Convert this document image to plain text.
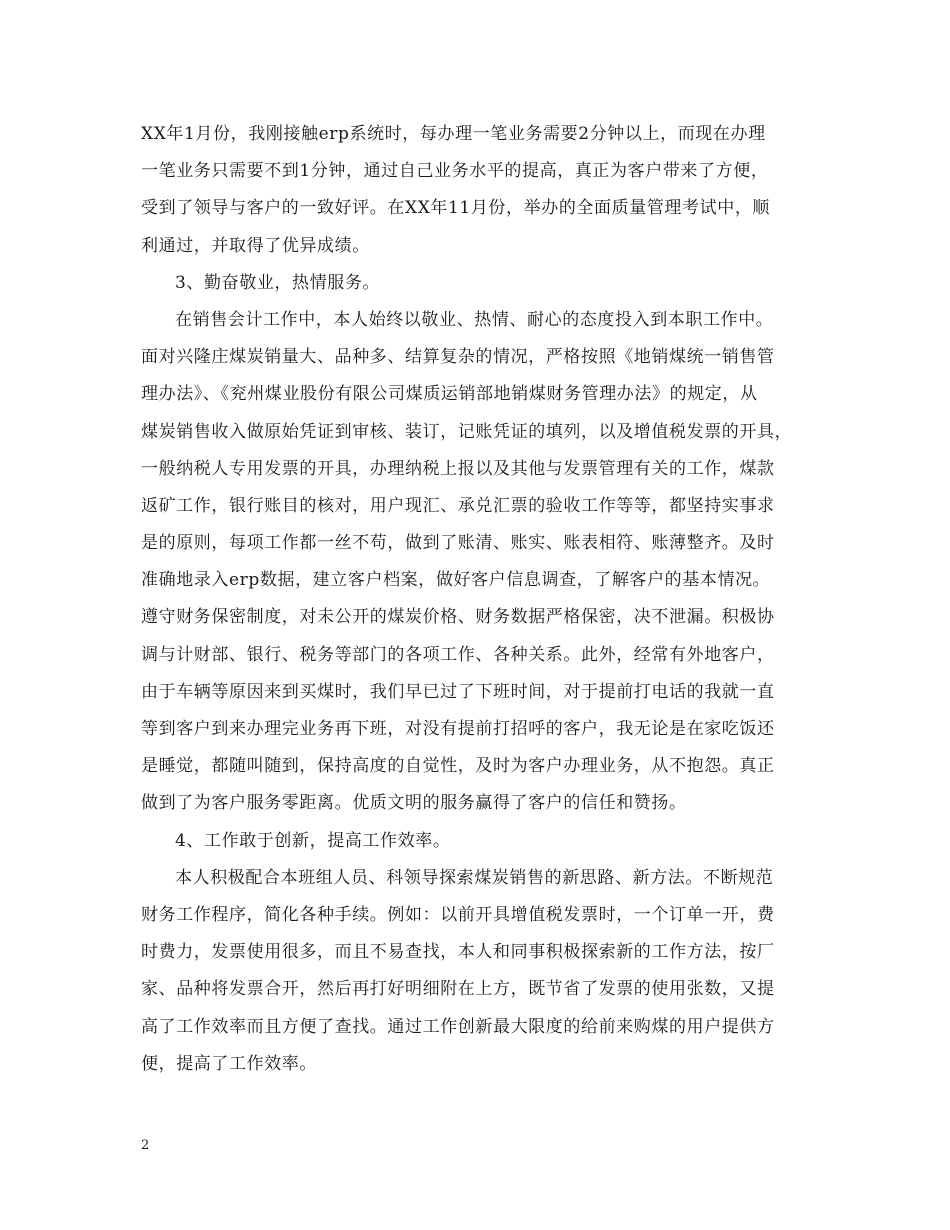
XX年1月份，我刚接触erp系统时，每办理一笔业务需要2分钟以上，而现在办理
一笔业务只需要不到1分钟，通过自己业务水平的提高，真正为客户带来了方便，
受到了领导与客户的一致好评。在XX年11月份，举办的全面质量管理考试中，顺
利通过，并取得了优异成绩。
3、勤奋敬业，热情服务。
在销售会计工作中，本人始终以敬业、热情、耐心的态度投入到本职工作中。
面对兴隆庄煤炭销量大、品种多、结算复杂的情况，严格按照《地销煤统一销售管
理办法》、《兖州煤业股份有限公司煤质运销部地销煤财务管理办法》的规定，从
煤炭销售收入做原始凭证到审核、装订，记账凭证的填列，以及增值税发票的开具，
一般纳税人专用发票的开具，办理纳税上报以及其他与发票管理有关的工作，煤款
返矿工作，银行账目的核对，用户现汇、承兑汇票的验收工作等等，都坚持实事求
是的原则，每项工作都一丝不苟，做到了账清、账实、账表相符、账薄整齐。及时
准确地录入erp数据，建立客户档案，做好客户信息调查，了解客户的基本情况。
遵守财务保密制度，对未公开的煤炭价格、财务数据严格保密，决不泄漏。积极协
调与计财部、银行、税务等部门的各项工作、各种关系。此外，经常有外地客户，
由于车辆等原因来到买煤时，我们早已过了下班时间，对于提前打电话的我就一直
等到客户到来办理完业务再下班，对没有提前打招呼的客户，我无论是在家吃饭还
是睡觉，都随叫随到，保持高度的自觉性，及时为客户办理业务，从不抱怨。真正
做到了为客户服务零距离。优质文明的服务赢得了客户的信任和赞扬。
4、工作敢于创新，提高工作效率。
本人积极配合本班组人员、科领导探索煤炭销售的新思路、新方法。不断规范
财务工作程序，简化各种手续。例如：以前开具增值税发票时，一个订单一开，费
时费力，发票使用很多，而且不易查找，本人和同事积极探索新的工作方法，按厂
家、品种将发票合开，然后再打好明细附在上方，既节省了发票的使用张数，又提
高了工作效率而且方便了查找。通过工作创新最大限度的给前来购煤的用户提供方
便，提高了工作效率。
2
